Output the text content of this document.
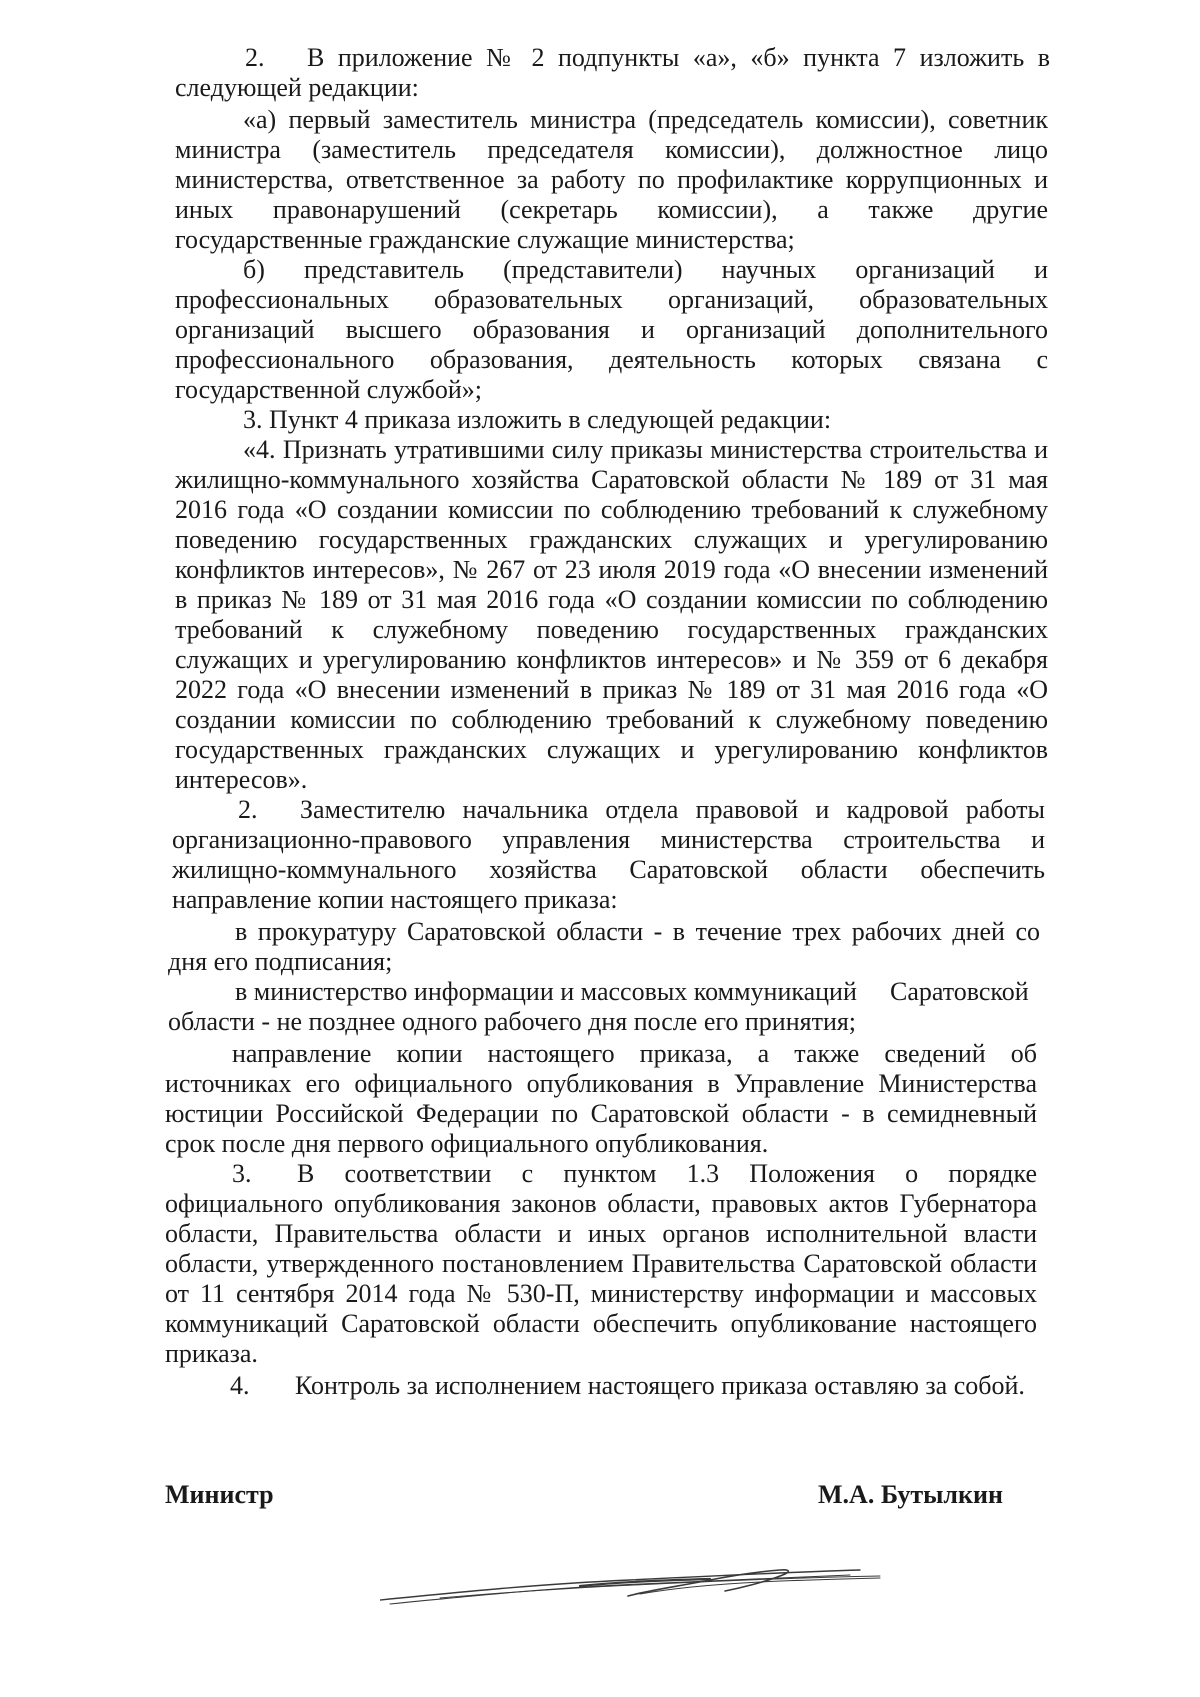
2. В приложение № 2 подпункты «а», «б» пункта 7 изложить в
следующей редакции:
«а) первый заместитель министра (председатель комиссии), советник
министра (заместитель председателя комиссии), должностное лицо
министерства, ответственное за работу по профилактике коррупционных и
иных правонарушений (секретарь комиссии), а также другие
государственные гражданские служащие министерства;
б) представитель (представители) научных организаций и
профессиональных образовательных организаций, образовательных
организаций высшего образования и организаций дополнительного
профессионального образования, деятельность которых связана с
государственной службой»;
3. Пункт 4 приказа изложить в следующей редакции:
«4. Признать утратившими силу приказы министерства строительства и
жилищно-коммунального хозяйства Саратовской области № 189 от 31 мая
2016 года «О создании комиссии по соблюдению требований к служебному
поведению государственных гражданских служащих и урегулированию
конфликтов интересов», № 267 от 23 июля 2019 года «О внесении изменений
в приказ № 189 от 31 мая 2016 года «О создании комиссии по соблюдению
требований к служебному поведению государственных гражданских
служащих и урегулированию конфликтов интересов» и № 359 от 6 декабря
2022 года «О внесении изменений в приказ № 189 от 31 мая 2016 года «О
создании комиссии по соблюдению требований к служебному поведению
государственных гражданских служащих и урегулированию конфликтов
интересов».
2. Заместителю начальника отдела правовой и кадровой работы
организационно-правового управления министерства строительства и
жилищно-коммунального хозяйства Саратовской области обеспечить
направление копии настоящего приказа:
в прокуратуру Саратовской области - в течение трех рабочих дней со
дня его подписания;
в министерство информации и массовых коммуникаций Саратовской
области - не позднее одного рабочего дня после его принятия;
направление копии настоящего приказа, а также сведений об
источниках его официального опубликования в Управление Министерства
юстиции Российской Федерации по Саратовской области - в семидневный
срок после дня первого официального опубликования.
3. В соответствии с пунктом 1.3 Положения о порядке
официального опубликования законов области, правовых актов Губернатора
области, Правительства области и иных органов исполнительной власти
области, утвержденного постановлением Правительства Саратовской области
от 11 сентября 2014 года № 530-П, министерству информации и массовых
коммуникаций Саратовской области обеспечить опубликование настоящего
приказа.
4. Контроль за исполнением настоящего приказа оставляю за собой.
Министр	М.А. Бутылкин
